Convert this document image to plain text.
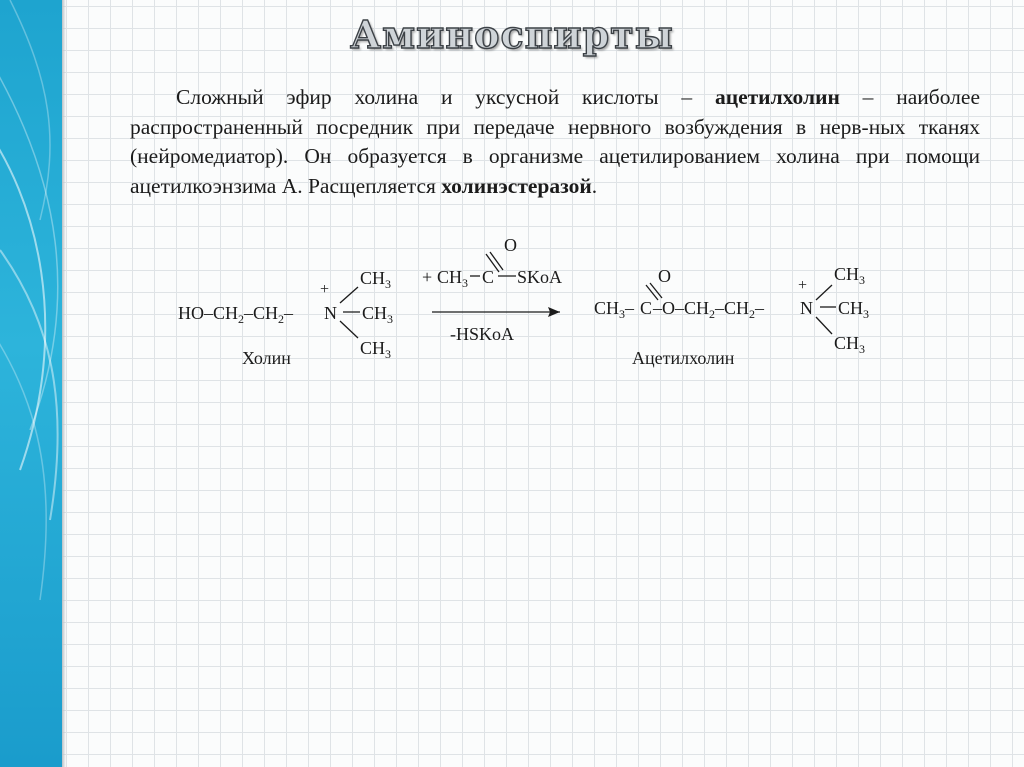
Аминоспирты

Сложный эфир холина и уксусной кислоты – ацетилхолин – наиболее распространенный посредник при передаче нервного возбуждения в нерв-ных тканях (нейромедиатор). Он образуется в организме ацетилированием холина при помощи ацетилкоэнзима А. Расщепляется холинэстеразой.

$HO-CH_2-CH_2-$ N
+
$CH_3$
$CH_3$
$CH_3$
Холин
+ $CH_3$ C
O
SKoA
-HSKoA
$CH_3-$ C
O
$-O-CH_2-CH_2-$ N
+
$CH_3$
$CH_3$
$CH_3$
Ацетилхолин
